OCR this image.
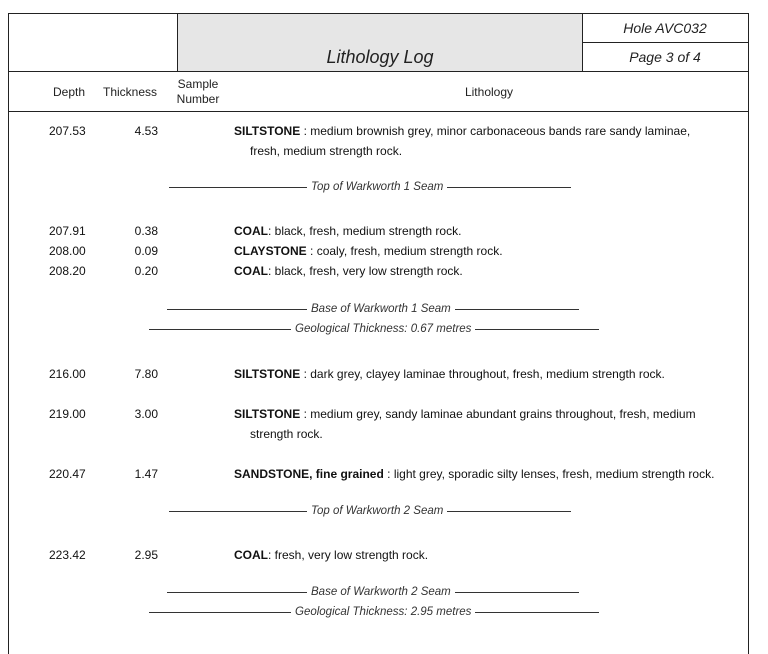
Lithology Log
Hole AVC032
Page 3 of 4
Depth	Thickness
Sample Number	Lithology
207.53	4.53	SILTSTONE : medium brownish grey, minor carbonaceous bands rare sandy laminae,
fresh, medium strength rock.
Top of Warkworth 1 Seam
207.91	0.38	COAL: black, fresh, medium strength rock.
208.00	0.09	CLAYSTONE : coaly, fresh, medium strength rock.
208.20	0.20	COAL: black, fresh, very low strength rock.
Base of Warkworth 1 Seam
Geological Thickness: 0.67 metres
216.00	7.80	SILTSTONE : dark grey, clayey laminae throughout, fresh, medium strength rock.
219.00	3.00	SILTSTONE : medium grey, sandy laminae abundant grains throughout, fresh, medium
strength rock.
220.47	1.47	SANDSTONE, fine grained : light grey, sporadic silty lenses, fresh, medium strength rock.
Top of Warkworth 2 Seam
223.42	2.95	COAL: fresh, very low strength rock.
Base of Warkworth 2 Seam
Geological Thickness: 2.95 metres
